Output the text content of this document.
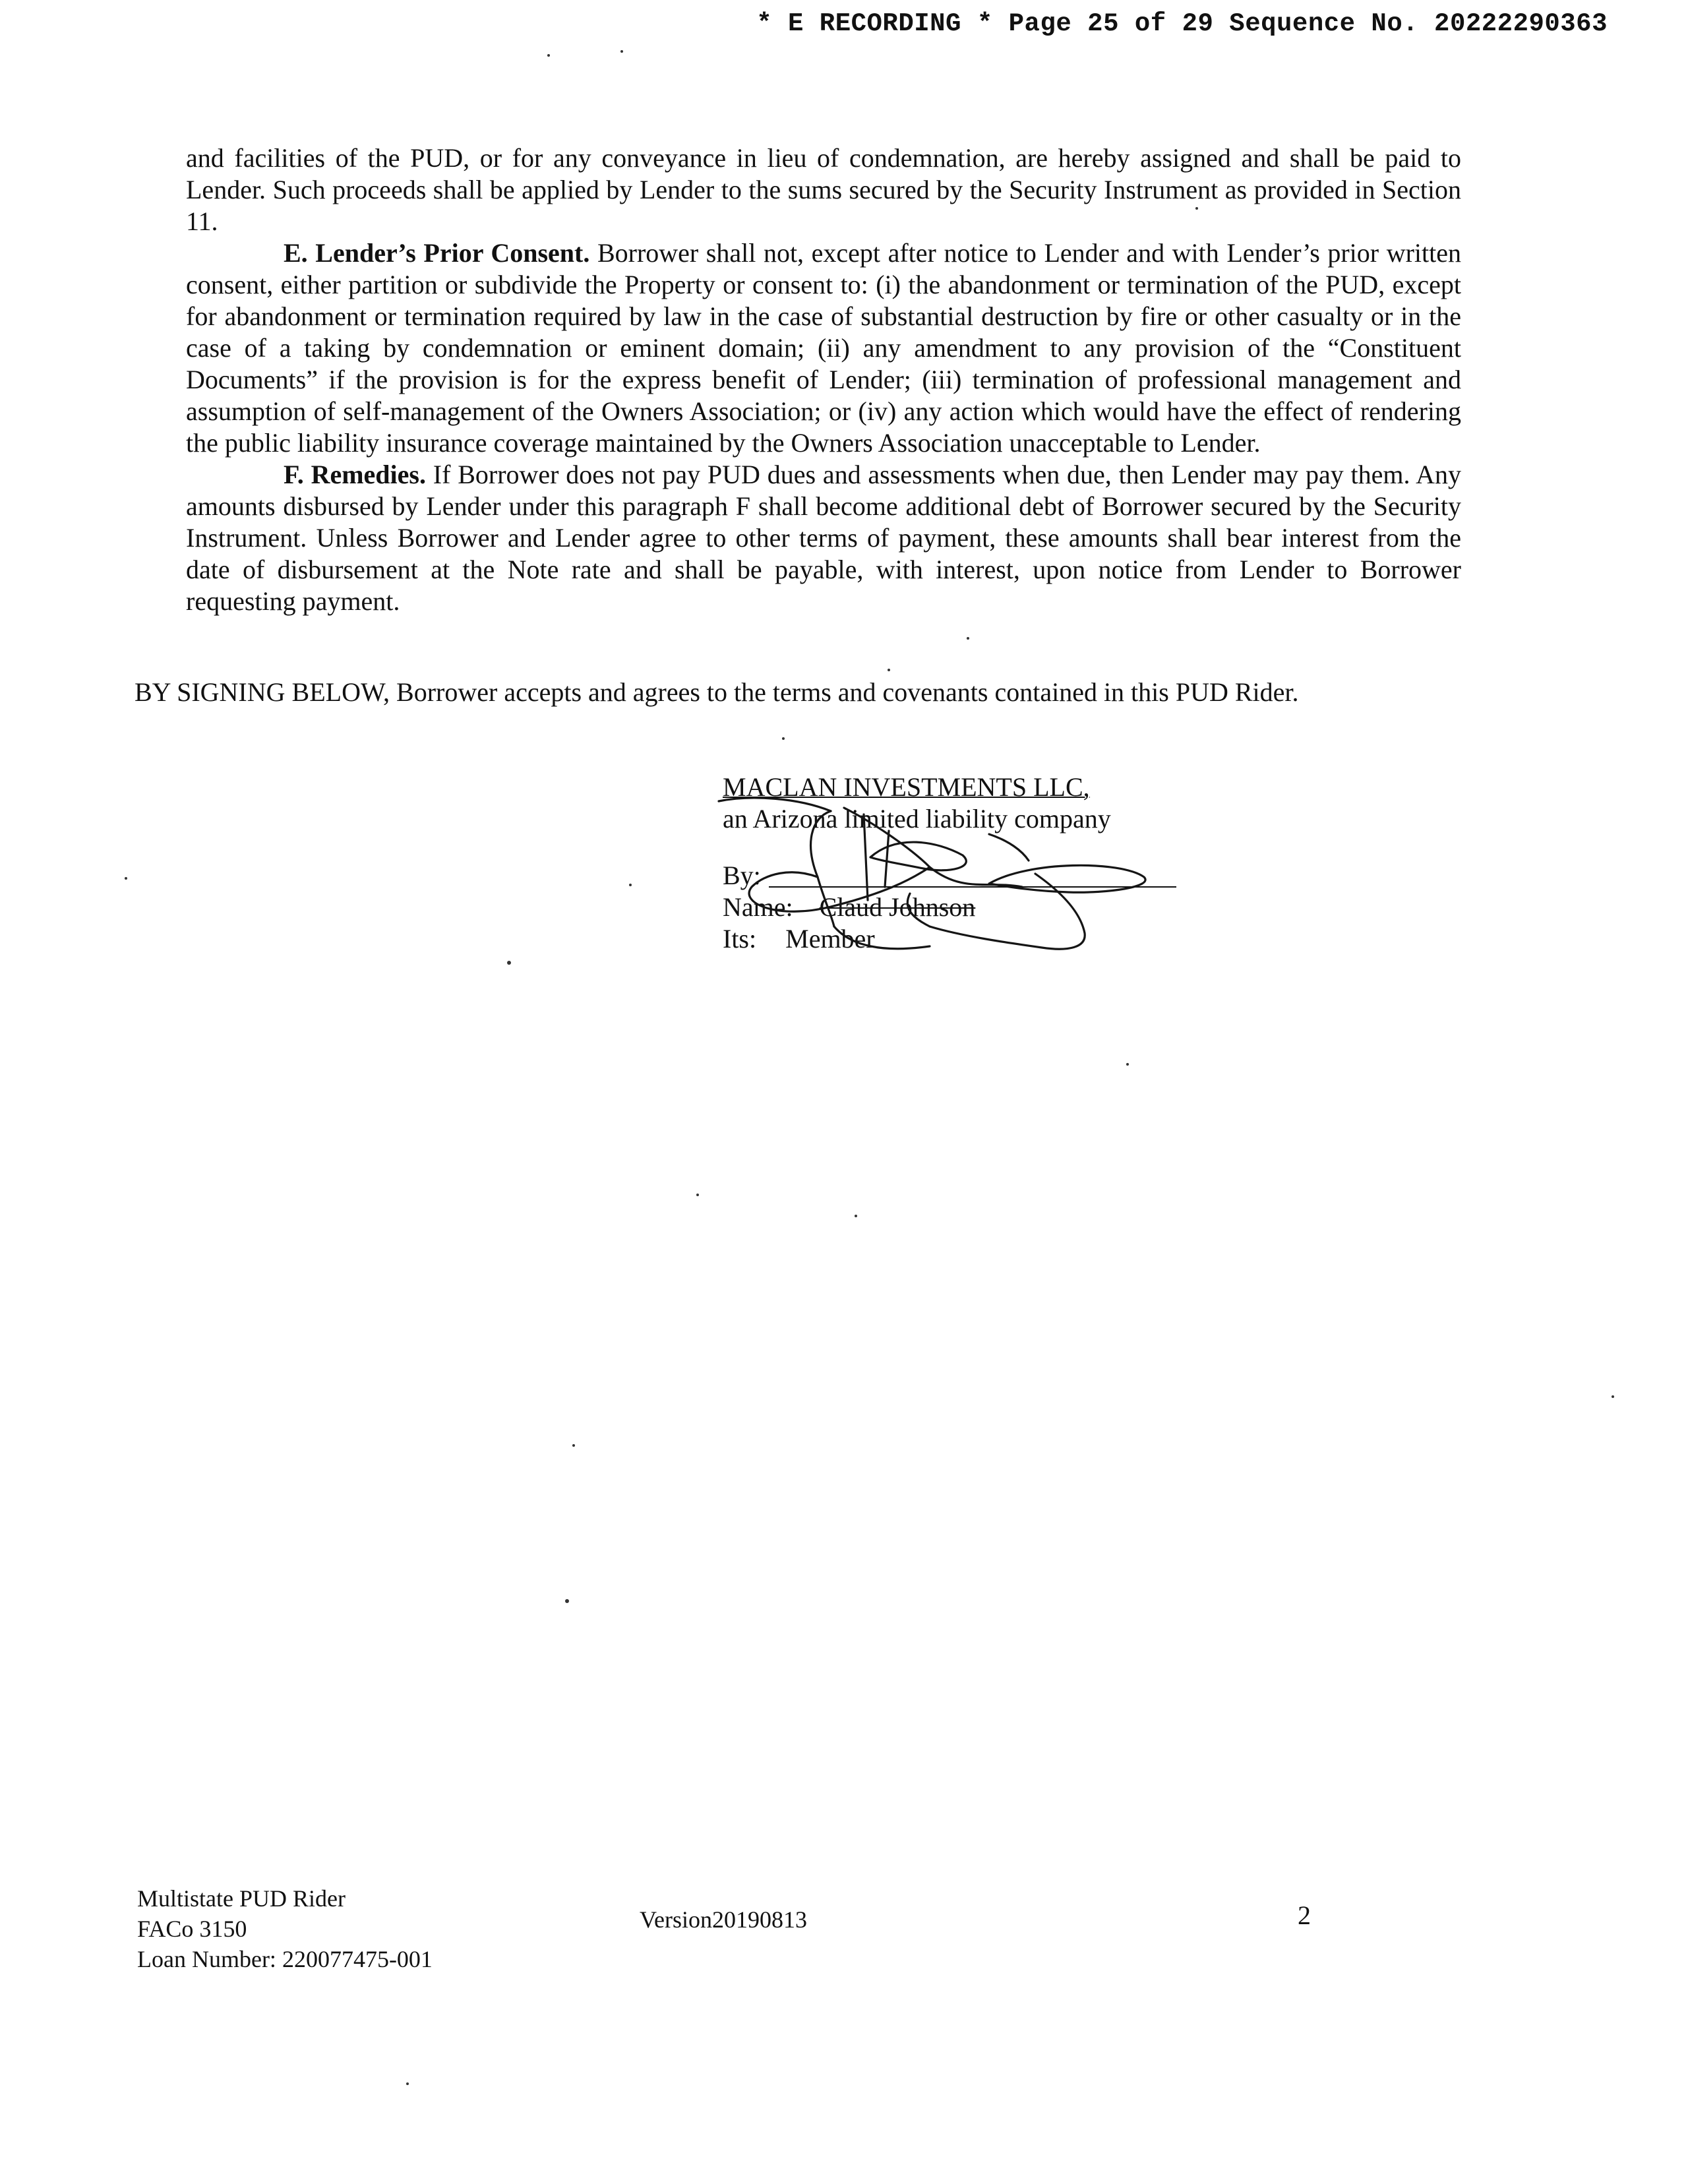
* E RECORDING * Page 25 of 29 Sequence No. 20222290363

and facilities of the PUD, or for any conveyance in lieu of condemnation, are hereby assigned and shall be paid to Lender. Such proceeds shall be applied by Lender to the sums secured by the Security Instrument as provided in Section 11.

E. Lender’s Prior Consent. Borrower shall not, except after notice to Lender and with Lender’s prior written consent, either partition or subdivide the Property or consent to: (i) the abandonment or termination of the PUD, except for abandonment or termination required by law in the case of substantial destruction by fire or other casualty or in the case of a taking by condemnation or eminent domain; (ii) any amendment to any provision of the “Constituent Documents” if the provision is for the express benefit of Lender; (iii) termination of professional management and assumption of self-management of the Owners Association; or (iv) any action which would have the effect of rendering the public liability insurance coverage maintained by the Owners Association unacceptable to Lender.

F. Remedies. If Borrower does not pay PUD dues and assessments when due, then Lender may pay them. Any amounts disbursed by Lender under this paragraph F shall become additional debt of Borrower secured by the Security Instrument. Unless Borrower and Lender agree to other terms of payment, these amounts shall bear interest from the date of disbursement at the Note rate and shall be payable, with interest, upon notice from Lender to Borrower requesting payment.

BY SIGNING BELOW, Borrower accepts and agrees to the terms and covenants contained in this PUD Rider.
MACLAN INVESTMENTS LLC,
an Arizona limited liability company
By:
Name: Claud Johnson
Its: Member
Multistate PUD Rider
FACo 3150
Loan Number: 220077475-001
Version20190813	2
